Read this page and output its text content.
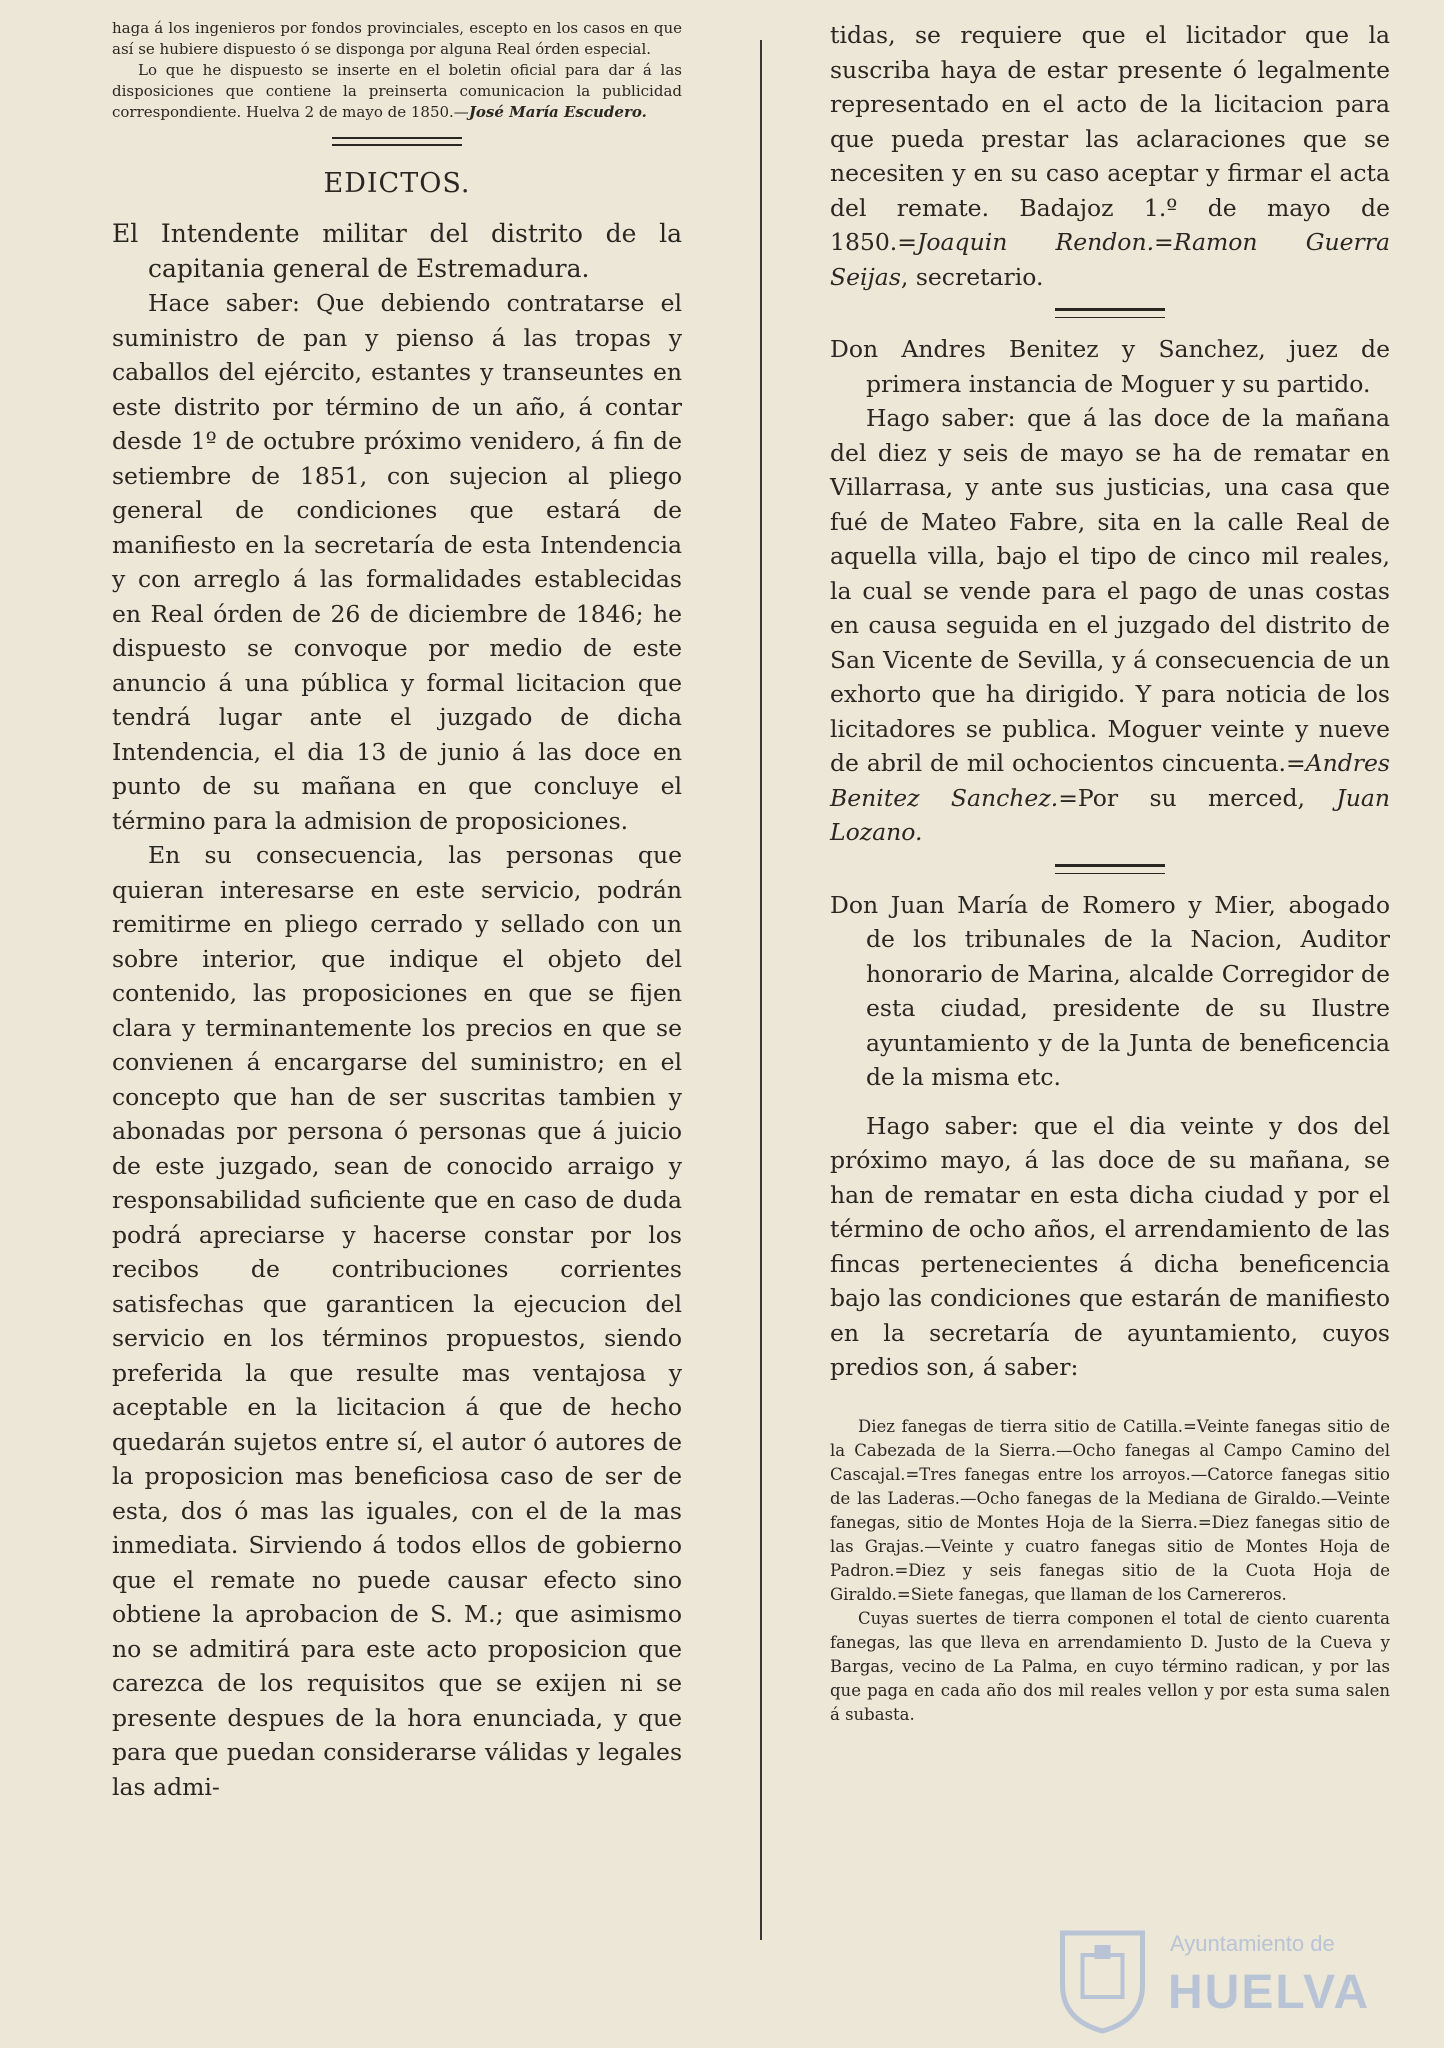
haga á los ingenieros por fondos provinciales, escepto en los casos en que así se hubiere dispuesto ó se disponga por alguna Real órden especial.

Lo que he dispuesto se inserte en el boletin oficial para dar á las disposiciones que contiene la preinserta comunicacion la publicidad correspondiente. Huelva 2 de mayo de 1850.—José María Escudero.

EDICTOS.

El Intendente militar del distrito de la capitania general de Estremadura.

Hace saber: Que debiendo contratarse el suministro de pan y pienso á las tropas y caballos del ejército, estantes y transeuntes en este distrito por término de un año, á contar desde 1º de octubre próximo venidero, á fin de setiembre de 1851, con sujecion al pliego general de condiciones que estará de manifiesto en la secretaría de esta Intendencia y con arreglo á las formalidades establecidas en Real órden de 26 de diciembre de 1846; he dispuesto se convoque por medio de este anuncio á una pública y formal licitacion que tendrá lugar ante el juzgado de dicha Intendencia, el dia 13 de junio á las doce en punto de su mañana en que concluye el término para la admision de proposiciones.

En su consecuencia, las personas que quieran interesarse en este servicio, podrán remitirme en pliego cerrado y sellado con un sobre interior, que indique el objeto del contenido, las proposiciones en que se fijen clara y terminantemente los precios en que se convienen á encargarse del suministro; en el concepto que han de ser suscritas tambien y abonadas por persona ó personas que á juicio de este juzgado, sean de conocido arraigo y responsabilidad suficiente que en caso de duda podrá apreciarse y hacerse constar por los recibos de contribuciones corrientes satisfechas que garanticen la ejecucion del servicio en los términos propuestos, siendo preferida la que resulte mas ventajosa y aceptable en la licitacion á que de hecho quedarán sujetos entre sí, el autor ó autores de la proposicion mas beneficiosa caso de ser de esta, dos ó mas las iguales, con el de la mas inmediata. Sirviendo á todos ellos de gobierno que el remate no puede causar efecto sino obtiene la aprobacion de S. M.; que asimismo no se admitirá para este acto proposicion que carezca de los requisitos que se exijen ni se presente despues de la hora enunciada, y que para que puedan considerarse válidas y legales las admi-

tidas, se requiere que el licitador que la suscriba haya de estar presente ó legalmente representado en el acto de la licitacion para que pueda prestar las aclaraciones que se necesiten y en su caso aceptar y firmar el acta del remate. Badajoz 1.º de mayo de 1850.=Joaquin Rendon.=Ramon Guerra Seijas, secretario.

Don Andres Benitez y Sanchez, juez de primera instancia de Moguer y su partido.

Hago saber: que á las doce de la mañana del diez y seis de mayo se ha de rematar en Villarrasa, y ante sus justicias, una casa que fué de Mateo Fabre, sita en la calle Real de aquella villa, bajo el tipo de cinco mil reales, la cual se vende para el pago de unas costas en causa seguida en el juzgado del distrito de San Vicente de Sevilla, y á consecuencia de un exhorto que ha dirigido. Y para noticia de los licitadores se publica. Moguer veinte y nueve de abril de mil ochocientos cincuenta.=Andres Benitez Sanchez.=Por su merced, Juan Lozano.

Don Juan María de Romero y Mier, abogado de los tribunales de la Nacion, Auditor honorario de Marina, alcalde Corregidor de esta ciudad, presidente de su Ilustre ayuntamiento y de la Junta de beneficencia de la misma etc.

Hago saber: que el dia veinte y dos del próximo mayo, á las doce de su mañana, se han de rematar en esta dicha ciudad y por el término de ocho años, el arrendamiento de las fincas pertenecientes á dicha beneficencia bajo las condiciones que estarán de manifiesto en la secretaría de ayuntamiento, cuyos predios son, á saber:

Diez fanegas de tierra sitio de Catilla.=Veinte fanegas sitio de la Cabezada de la Sierra.—Ocho fanegas al Campo Camino del Cascajal.=Tres fanegas entre los arroyos.—Catorce fanegas sitio de las Laderas.—Ocho fanegas de la Mediana de Giraldo.—Veinte fanegas, sitio de Montes Hoja de la Sierra.=Diez fanegas sitio de las Grajas.—Veinte y cuatro fanegas sitio de Montes Hoja de Padron.=Diez y seis fanegas sitio de la Cuota Hoja de Giraldo.=Siete fanegas, que llaman de los Carnereros.

Cuyas suertes de tierra componen el total de ciento cuarenta fanegas, las que lleva en arrendamiento D. Justo de la Cueva y Bargas, vecino de La Palma, en cuyo término radican, y por las que paga en cada año dos mil reales vellon y por esta suma salen á subasta.

Ayuntamiento de
HUELVA
